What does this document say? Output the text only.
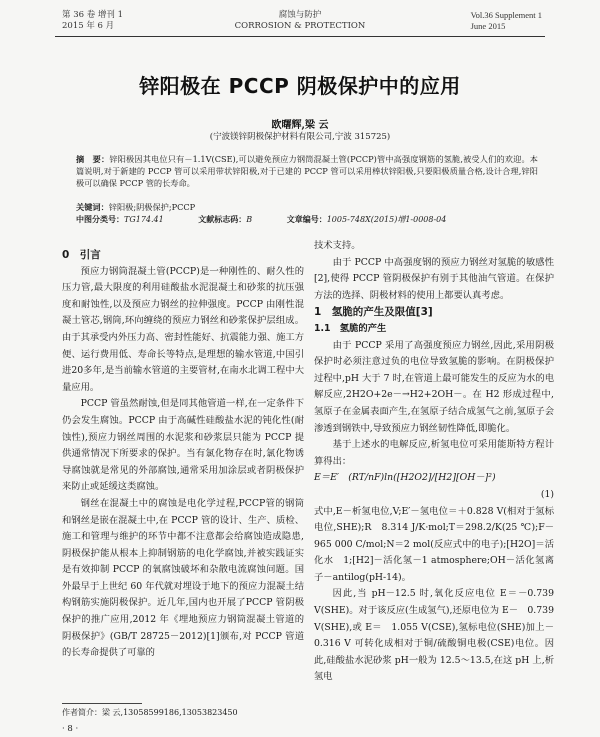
第 36 卷 增刊 1
2015 年 6 月
腐蚀与防护
CORROSION & PROTECTION
Vol.36 Supplement 1
June 2015
锌阳极在 PCCP 阴极保护中的应用
欧曙辉,梁 云
(宁波镁锌阴极保护材料有限公司,宁波 315725)
摘　要：锌阳极因其电位只有－1.1V(CSE),可以避免预应力钢筒混凝土管(PCCP)管中高强度钢筋的氢脆,被受人们的欢迎。本篇说明,对于新建的 PCCP 管可以采用带状锌阳极,对于已建的 PCCP 管可以采用棒状锌阳极,只要阳极质量合格,设计合理,锌阳极可以确保 PCCP 管的长寿命。
关键词：锌阳极;阴极保护;PCCP
中图分类号：TG174.41	文献标志码：B	文章编号：1005-748X(2015)增1-0008-04

0　引言

预应力钢筒混凝土管(PCCP)是一种刚性的、耐久性的压力管,最大限度的利用硅酸盐水泥混凝土和砂浆的抗压强度和耐蚀性,以及预应力钢丝的拉伸强度。PCCP 由刚性混凝土管芯,钢筒,环向缠绕的预应力钢丝和砂浆保护层组成。由于其承受内外压力高、密封性能好、抗震能力强、施工方便、运行费用低、寿命长等特点,是理想的输水管道,中国引进20多年,是当前输水管道的主要管材,在南水北调工程中大量应用。

PCCP 管虽然耐蚀,但是同其他管道一样,在一定条件下仍会发生腐蚀。PCCP 由于高碱性硅酸盐水泥的钝化性(耐蚀性),预应力钢丝周围的水泥浆和砂浆层只能为 PCCP 提供通常情况下所要求的保护。当有氯化物存在时,氯化物诱导腐蚀就是常见的外部腐蚀,通常采用加涂层或者阴极保护来防止或延缓这类腐蚀。

钢丝在混凝土中的腐蚀是电化学过程,PCCP管的钢筒和钢丝是嵌在混凝土中,在 PCCP 管的设计、生产、质检、施工和管理与维护的环节中都不注意都会给腐蚀造成隐患,阴极保护能从根本上抑制钢筋的电化学腐蚀,并被实践证实是有效抑制 PCCP 的氧腐蚀破坏和杂散电流腐蚀问题。国外最早于上世纪 60 年代就对埋设于地下的预应力混凝土结构钢筋实施阴极保护。近几年,国内也开展了PCCP 管阴极保护的推广应用,2012 年《埋地预应力钢筒混凝土管道的阴极保护》(GB/T 28725－2012)[1]颁布,对 PCCP 管道的长寿命提供了可靠的

技术支持。

由于 PCCP 中高强度钢的预应力钢丝对氢脆的敏感性[2],使得 PCCP 管阴极保护有别于其他油气管道。在保护方法的选择、阴极材料的使用上都要认真考虑。

1　氢脆的产生及限值[3]

1.1　氢脆的产生

由于 PCCP 采用了高强度预应力钢丝,因此,采用阴极保护时必须注意过负的电位导致氢脆的影响。在阴极保护过程中,pH 大于 7 时,在管道上最可能发生的反应为水的电解反应,2H2O+2e－→H2+2OH－。在 H2 形成过程中,氢原子在金属表面产生,在氢原子结合成氢气之前,氢原子会渗透到钢铁中,导致预应力钢丝韧性降低,即脆化。

基于上述水的电解反应,析氢电位可采用能斯特方程计算得出：

E＝E′　(RT/nF)ln([H2O2]/[H2][OH－]²)

(1)

式中,E－析氢电位,V;E′－氢电位＝＋0.828 V(相对于氢标电位,SHE);R　8.314 J/K·mol;T＝298.2/K(25 ℃);F－965 000 C/mol;N＝2 mol(反应式中的电子);[H2O]＝活化水　1;[H2]－活化氢－1 atmosphere;OH－活化氢离子－antilog(pH-14)。

因此,当 pH－12.5 时,氧化反应电位 E＝－0.739 V(SHE)。对于该反应(生成氢气),还原电位为 E－　0.739 V(SHE),或 E＝　1.055 V(CSE),氢标电位(SHE)加上－0.316 V 可转化成相对于铜/硫酸铜电极(CSE)电位。因此,硅酸盐水泥砂浆 pH一般为 12.5～13.5,在这 pH 上,析氢电

作者简介：梁 云,13058599186,13053823450
· 8 ·
